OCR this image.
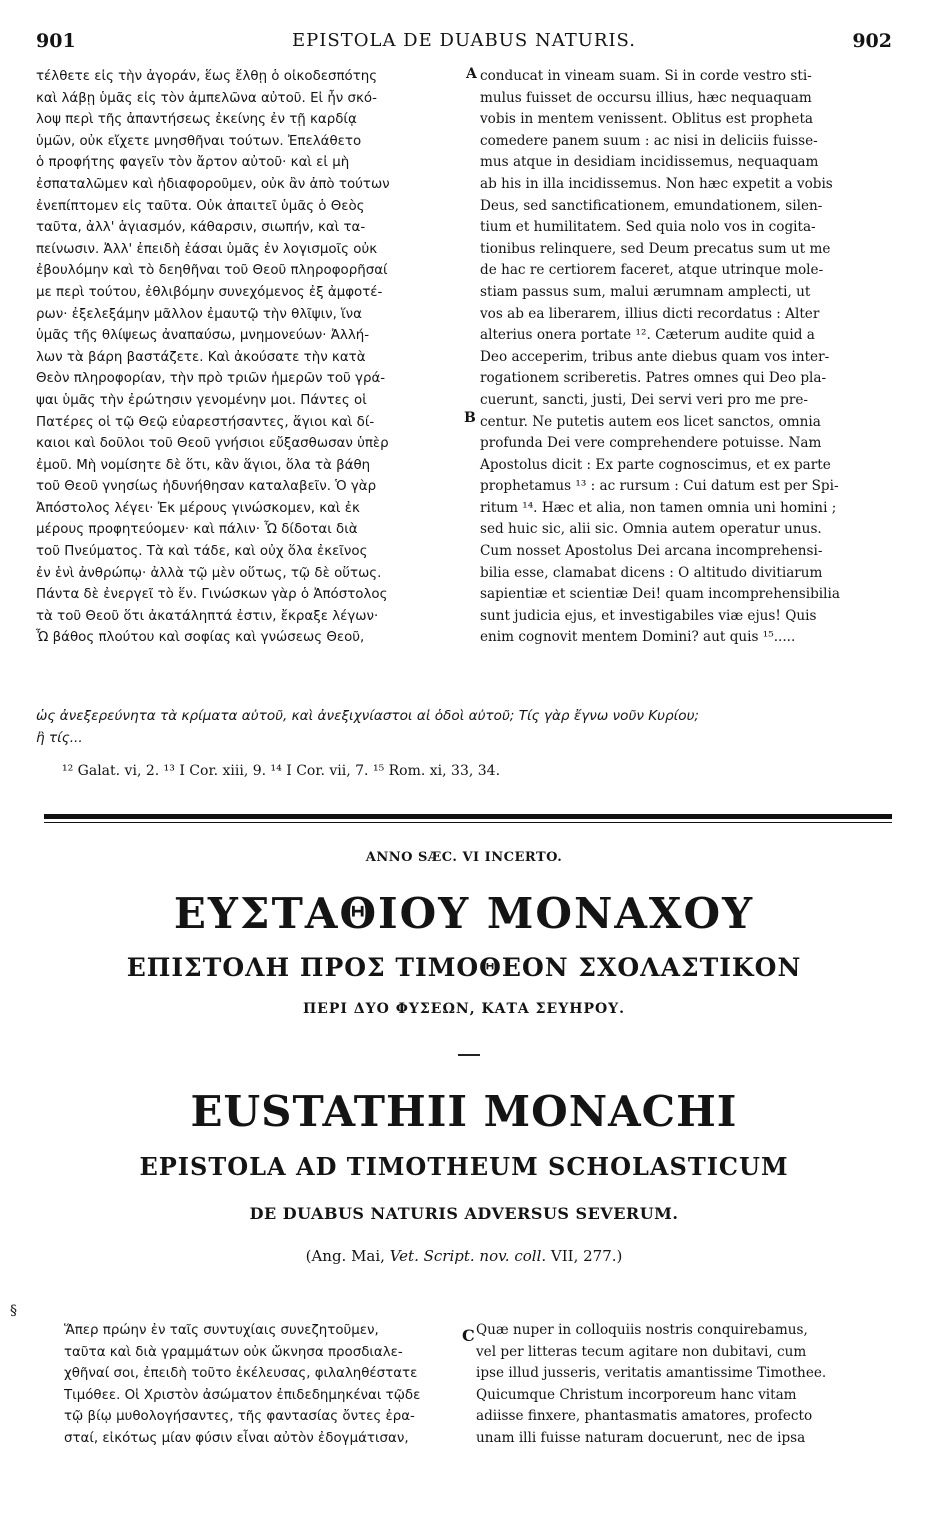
901	EPISTOLA DE DUABUS NATURIS.	902
τέλθετε εἰς τὴν ἀγοράν, ἕως ἔλθῃ ὁ οἰκοδεσπότης
καὶ λάβῃ ὑμᾶς εἰς τὸν ἀμπελῶνα αὐτοῦ. Εἰ ἦν σκό-
λοψ περὶ τῆς ἀπαντήσεως ἐκείνης ἐν τῇ καρδίᾳ
ὑμῶν, οὐκ εἴχετε μνησθῆναι τούτων. Ἐπελάθετο
ὁ προφήτης φαγεῖν τὸν ἄρτον αὐτοῦ· καὶ εἰ μὴ
ἐσπαταλῶμεν καὶ ἠδιαφοροῦμεν, οὐκ ἂν ἀπὸ τούτων
ἐνεπίπτομεν εἰς ταῦτα. Οὐκ ἀπαιτεῖ ὑμᾶς ὁ Θεὸς
ταῦτα, ἀλλ' ἁγιασμόν, κάθαρσιν, σιωπήν, καὶ τα-
πείνωσιν. Ἀλλ' ἐπειδὴ ἐάσαι ὑμᾶς ἐν λογισμοῖς οὐκ
ἐβουλόμην καὶ τὸ δεηθῆναι τοῦ Θεοῦ πληροφορῆσαί
με περὶ τούτου, ἐθλιβόμην συνεχόμενος ἐξ ἀμφοτέ-
ρων· ἐξελεξάμην μᾶλλον ἐμαυτῷ τὴν θλῖψιν, ἵνα
ὑμᾶς τῆς θλίψεως ἀναπαύσω, μνημονεύων· Ἀλλή-
λων τὰ βάρη βαστάζετε. Καὶ ἀκούσατε τὴν κατὰ
Θεὸν πληροφορίαν, τὴν πρὸ τριῶν ἡμερῶν τοῦ γρά-
ψαι ὑμᾶς τὴν ἐρώτησιν γενομένην μοι. Πάντες οἱ
Πατέρες οἱ τῷ Θεῷ εὐαρεστήσαντες, ἅγιοι καὶ δί-
καιοι καὶ δοῦλοι τοῦ Θεοῦ γνήσιοι εὔξασθωσαν ὑπὲρ
ἐμοῦ. Μὴ νομίσητε δὲ ὅτι, κἂν ἅγιοι, ὅλα τὰ βάθη
τοῦ Θεοῦ γνησίως ἠδυνήθησαν καταλαβεῖν. Ὁ γὰρ
Ἀπόστολος λέγει· Ἐκ μέρους γινώσκομεν, καὶ ἐκ
μέρους προφητεύομεν· καὶ πάλιν· Ὧ δίδοται διὰ
τοῦ Πνεύματος. Τὰ καὶ τάδε, καὶ οὐχ ὅλα ἐκεῖνος
ἐν ἑνὶ ἀνθρώπῳ· ἀλλὰ τῷ μὲν οὕτως, τῷ δὲ οὕτως.
Πάντα δὲ ἐνεργεῖ τὸ ἕν. Γινώσκων γὰρ ὁ Ἀπόστολος
τὰ τοῦ Θεοῦ ὅτι ἀκατάληπτά ἐστιν, ἔκραξε λέγων·
Ὦ βάθος πλούτου καὶ σοφίας καὶ γνώσεως Θεοῦ,
conducat in vineam suam. Si in corde vestro sti-
mulus fuisset de occursu illius, hæc nequaquam
vobis in mentem venissent. Oblitus est propheta
comedere panem suum : ac nisi in deliciis fuisse-
mus atque in desidiam incidissemus, nequaquam
ab his in illa incidissemus. Non hæc expetit a vobis
Deus, sed sanctificationem, emundationem, silen-
tium et humilitatem. Sed quia nolo vos in cogita-
tionibus relinquere, sed Deum precatus sum ut me
de hac re certiorem faceret, atque utrinque mole-
stiam passus sum, malui ærumnam amplecti, ut
vos ab ea liberarem, illius dicti recordatus : Alter
alterius onera portate ¹². Cæterum audite quid a
Deo acceperim, tribus ante diebus quam vos inter-
rogationem scriberetis. Patres omnes qui Deo pla-
cuerunt, sancti, justi, Dei servi veri pro me pre-
centur. Ne putetis autem eos licet sanctos, omnia
profunda Dei vere comprehendere potuisse. Nam
Apostolus dicit : Ex parte cognoscimus, et ex parte
prophetamus ¹³ : ac rursum : Cui datum est per Spi-
ritum ¹⁴. Hæc et alia, non tamen omnia uni homini ;
sed huic sic, alii sic. Omnia autem operatur unus.
Cum nosset Apostolus Dei arcana incomprehensi-
bilia esse, clamabat dicens : O altitudo divitiarum
sapientiæ et scientiæ Dei! quam incomprehensibilia
sunt judicia ejus, et investigabiles viæ ejus! Quis
enim cognovit mentem Domini? aut quis ¹⁵.....
A
B
ὡς ἀνεξερεύνητα τὰ κρίματα αὐτοῦ, καὶ ἀνεξιχνίαστοι αἱ ὁδοὶ αὐτοῦ; Τίς γὰρ ἔγνω νοῦν Κυρίου;
ἢ τίς...
¹² Galat. vi, 2. ¹³ I Cor. xiii, 9. ¹⁴ I Cor. vii, 7. ¹⁵ Rom. xi, 33, 34.
ANNO SÆC. VI INCERTO.
ΕΥΣΤΑΘΙΟΥ ΜΟΝΑΧΟΥ
ΕΠΙΣΤΟΛΗ ΠΡΟΣ ΤΙΜΟΘΕΟΝ ΣΧΟΛΑΣΤΙΚΟΝ
ΠΕΡΙ ΔΥΟ ΦΥΣΕΩΝ, ΚΑΤΑ ΣΕΥΗΡΟΥ.
EUSTATHII MONACHI
EPISTOLA AD TIMOTHEUM SCHOLASTICUM
DE DUABUS NATURIS ADVERSUS SEVERUM.
(Ang. Mai, Vet. Script. nov. coll. VII, 277.)
§
C
Ἅπερ πρώην ἐν ταῖς συντυχίαις συνεζητοῦμεν,
ταῦτα καὶ διὰ γραμμάτων οὐκ ὤκνησα προσδιαλε-
χθῆναί σοι, ἐπειδὴ τοῦτο ἐκέλευσας, φιλαληθέστατε
Τιμόθεε. Οἱ Χριστὸν ἀσώματον ἐπιδεδημηκέναι τῷδε
τῷ βίῳ μυθολογήσαντες, τῆς φαντασίας ὄντες ἐρα-
σταί, εἰκότως μίαν φύσιν εἶναι αὐτὸν ἐδογμάτισαν,
Quæ nuper in colloquiis nostris conquirebamus,
vel per litteras tecum agitare non dubitavi, cum
ipse illud jusseris, veritatis amantissime Timothee.
Quicumque Christum incorporeum hanc vitam
adiisse finxere, phantasmatis amatores, profecto
unam illi fuisse naturam docuerunt, nec de ipsa
